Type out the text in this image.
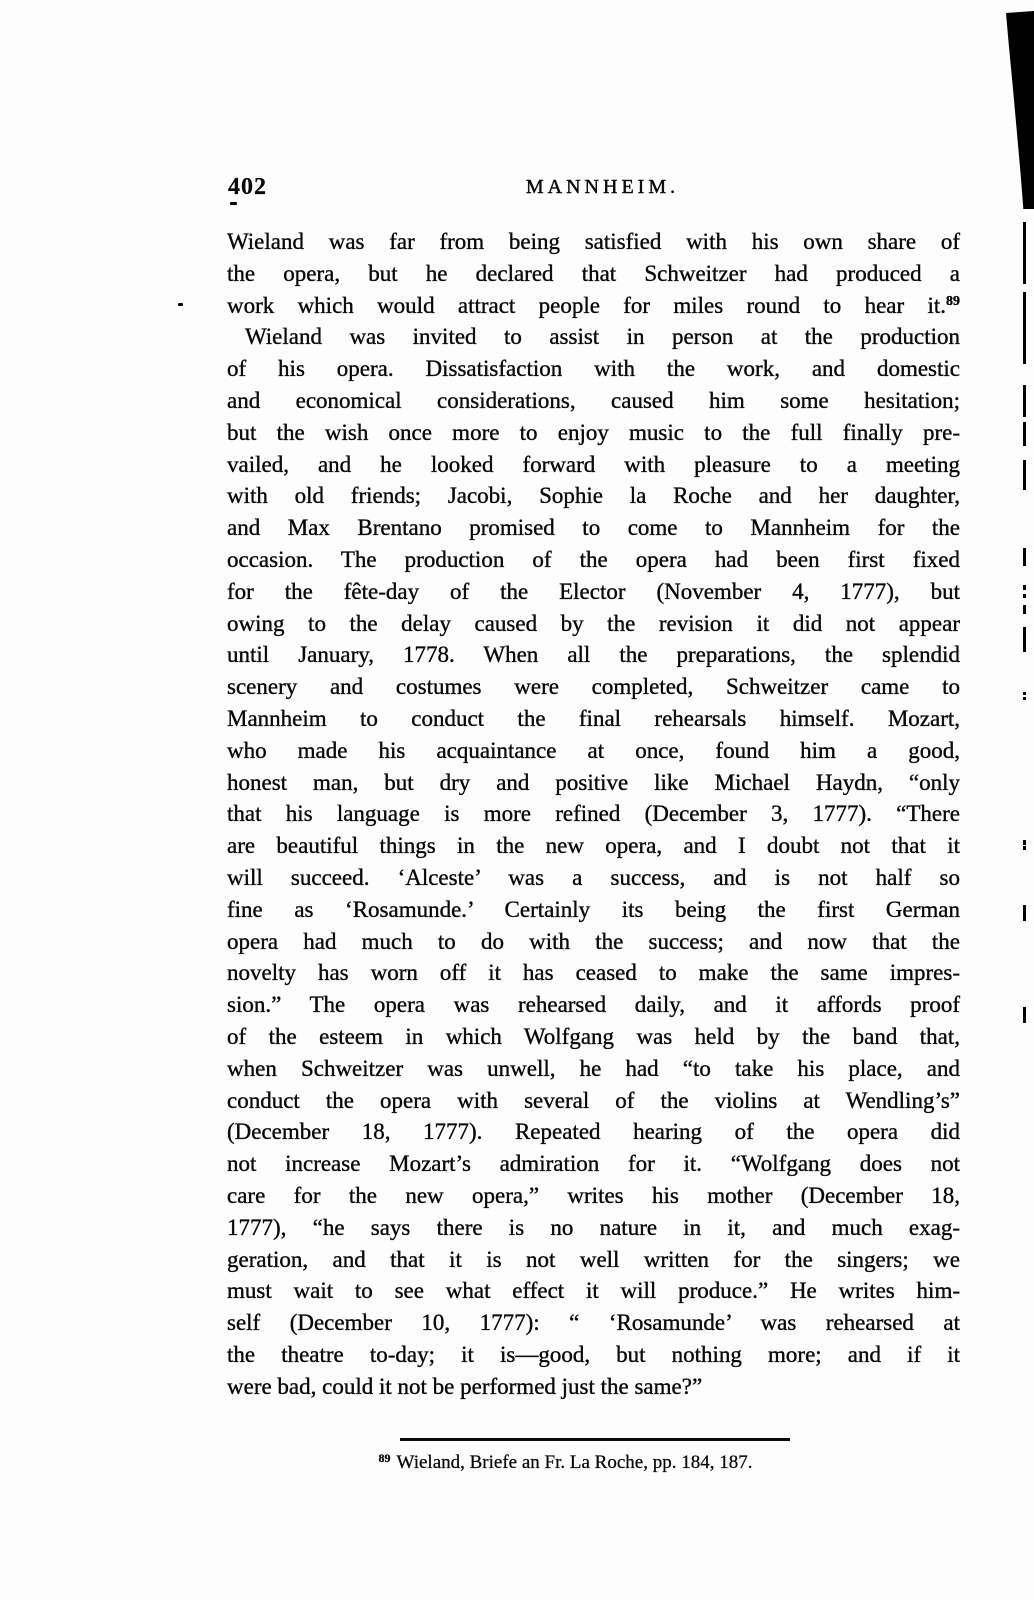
402	MANNHEIM.
Wieland was far from being satisfied with his own share of
the opera, but he declared that Schweitzer had produced a
work which would attract people for miles round to hear it.$^{89}$
Wieland was invited to assist in person at the production
of his opera. Dissatisfaction with the work, and domestic
and economical considerations, caused him some hesitation;
but the wish once more to enjoy music to the full finally pre-
vailed, and he looked forward with pleasure to a meeting
with old friends; Jacobi, Sophie la Roche and her daughter,
and Max Brentano promised to come to Mannheim for the
occasion. The production of the opera had been first fixed
for the fête-day of the Elector (November 4, 1777), but
owing to the delay caused by the revision it did not appear
until January, 1778. When all the preparations, the splendid
scenery and costumes were completed, Schweitzer came to
Mannheim to conduct the final rehearsals himself. Mozart,
who made his acquaintance at once, found him a good,
honest man, but dry and positive like Michael Haydn, “only
that his language is more refined (December 3, 1777). “There
are beautiful things in the new opera, and I doubt not that it
will succeed. ‘Alceste’ was a success, and is not half so
fine as ‘Rosamunde.’ Certainly its being the first German
opera had much to do with the success; and now that the
novelty has worn off it has ceased to make the same impres-
sion.” The opera was rehearsed daily, and it affords proof
of the esteem in which Wolfgang was held by the band that,
when Schweitzer was unwell, he had “to take his place, and
conduct the opera with several of the violins at Wendling’s”
(December 18, 1777). Repeated hearing of the opera did
not increase Mozart’s admiration for it. “Wolfgang does not
care for the new opera,” writes his mother (December 18,
1777), “he says there is no nature in it, and much exag-
geration, and that it is not well written for the singers; we
must wait to see what effect it will produce.” He writes him-
self (December 10, 1777): “ ‘Rosamunde’ was rehearsed at
the theatre to-day; it is—good, but nothing more; and if it
were bad, could it not be performed just the same?”
$^{89}$ Wieland, Briefe an Fr. La Roche, pp. 184, 187.
